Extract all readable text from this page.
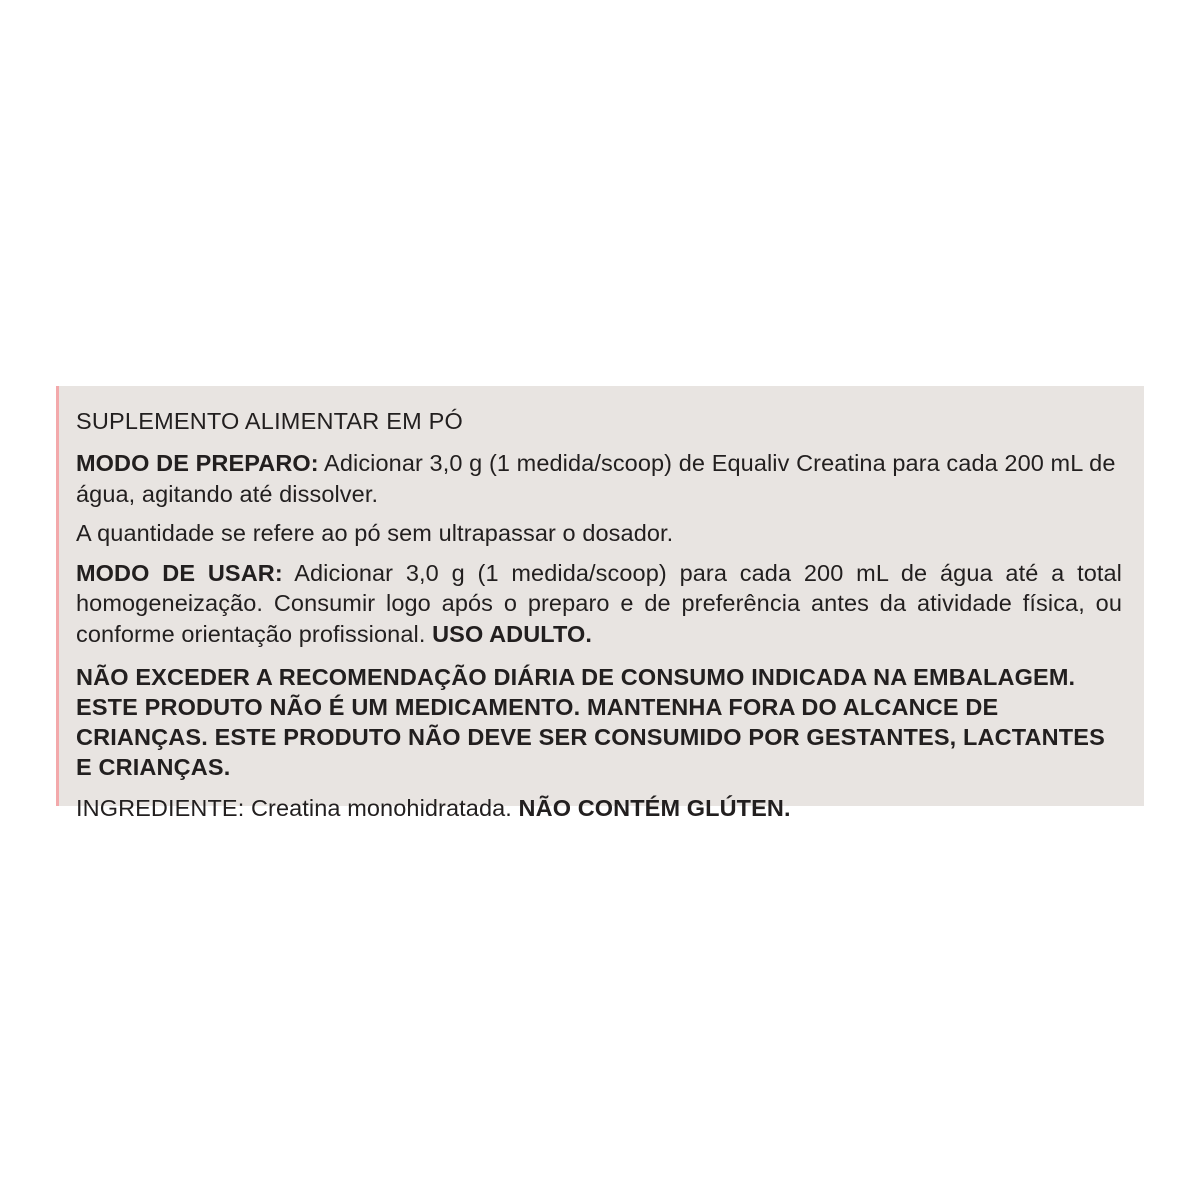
SUPLEMENTO ALIMENTAR EM PÓ
MODO DE PREPARO: Adicionar 3,0 g (1 medida/scoop) de Equaliv Creatina para cada 200 mL de água, agitando até dissolver.
A quantidade se refere ao pó sem ultrapassar o dosador.
MODO DE USAR: Adicionar 3,0 g (1 medida/scoop) para cada 200 mL de água até a total homogeneização. Consumir logo após o preparo e de preferência antes da atividade física, ou conforme orientação profissional. USO ADULTO.
NÃO EXCEDER A RECOMENDAÇÃO DIÁRIA DE CONSUMO INDICADA NA EMBALAGEM. ESTE PRODUTO NÃO É UM MEDICAMENTO. MANTENHA FORA DO ALCANCE DE CRIANÇAS. ESTE PRODUTO NÃO DEVE SER CONSUMIDO POR GESTANTES, LACTANTES E CRIANÇAS.
INGREDIENTE: Creatina monohidratada. NÃO CONTÉM GLÚTEN.
